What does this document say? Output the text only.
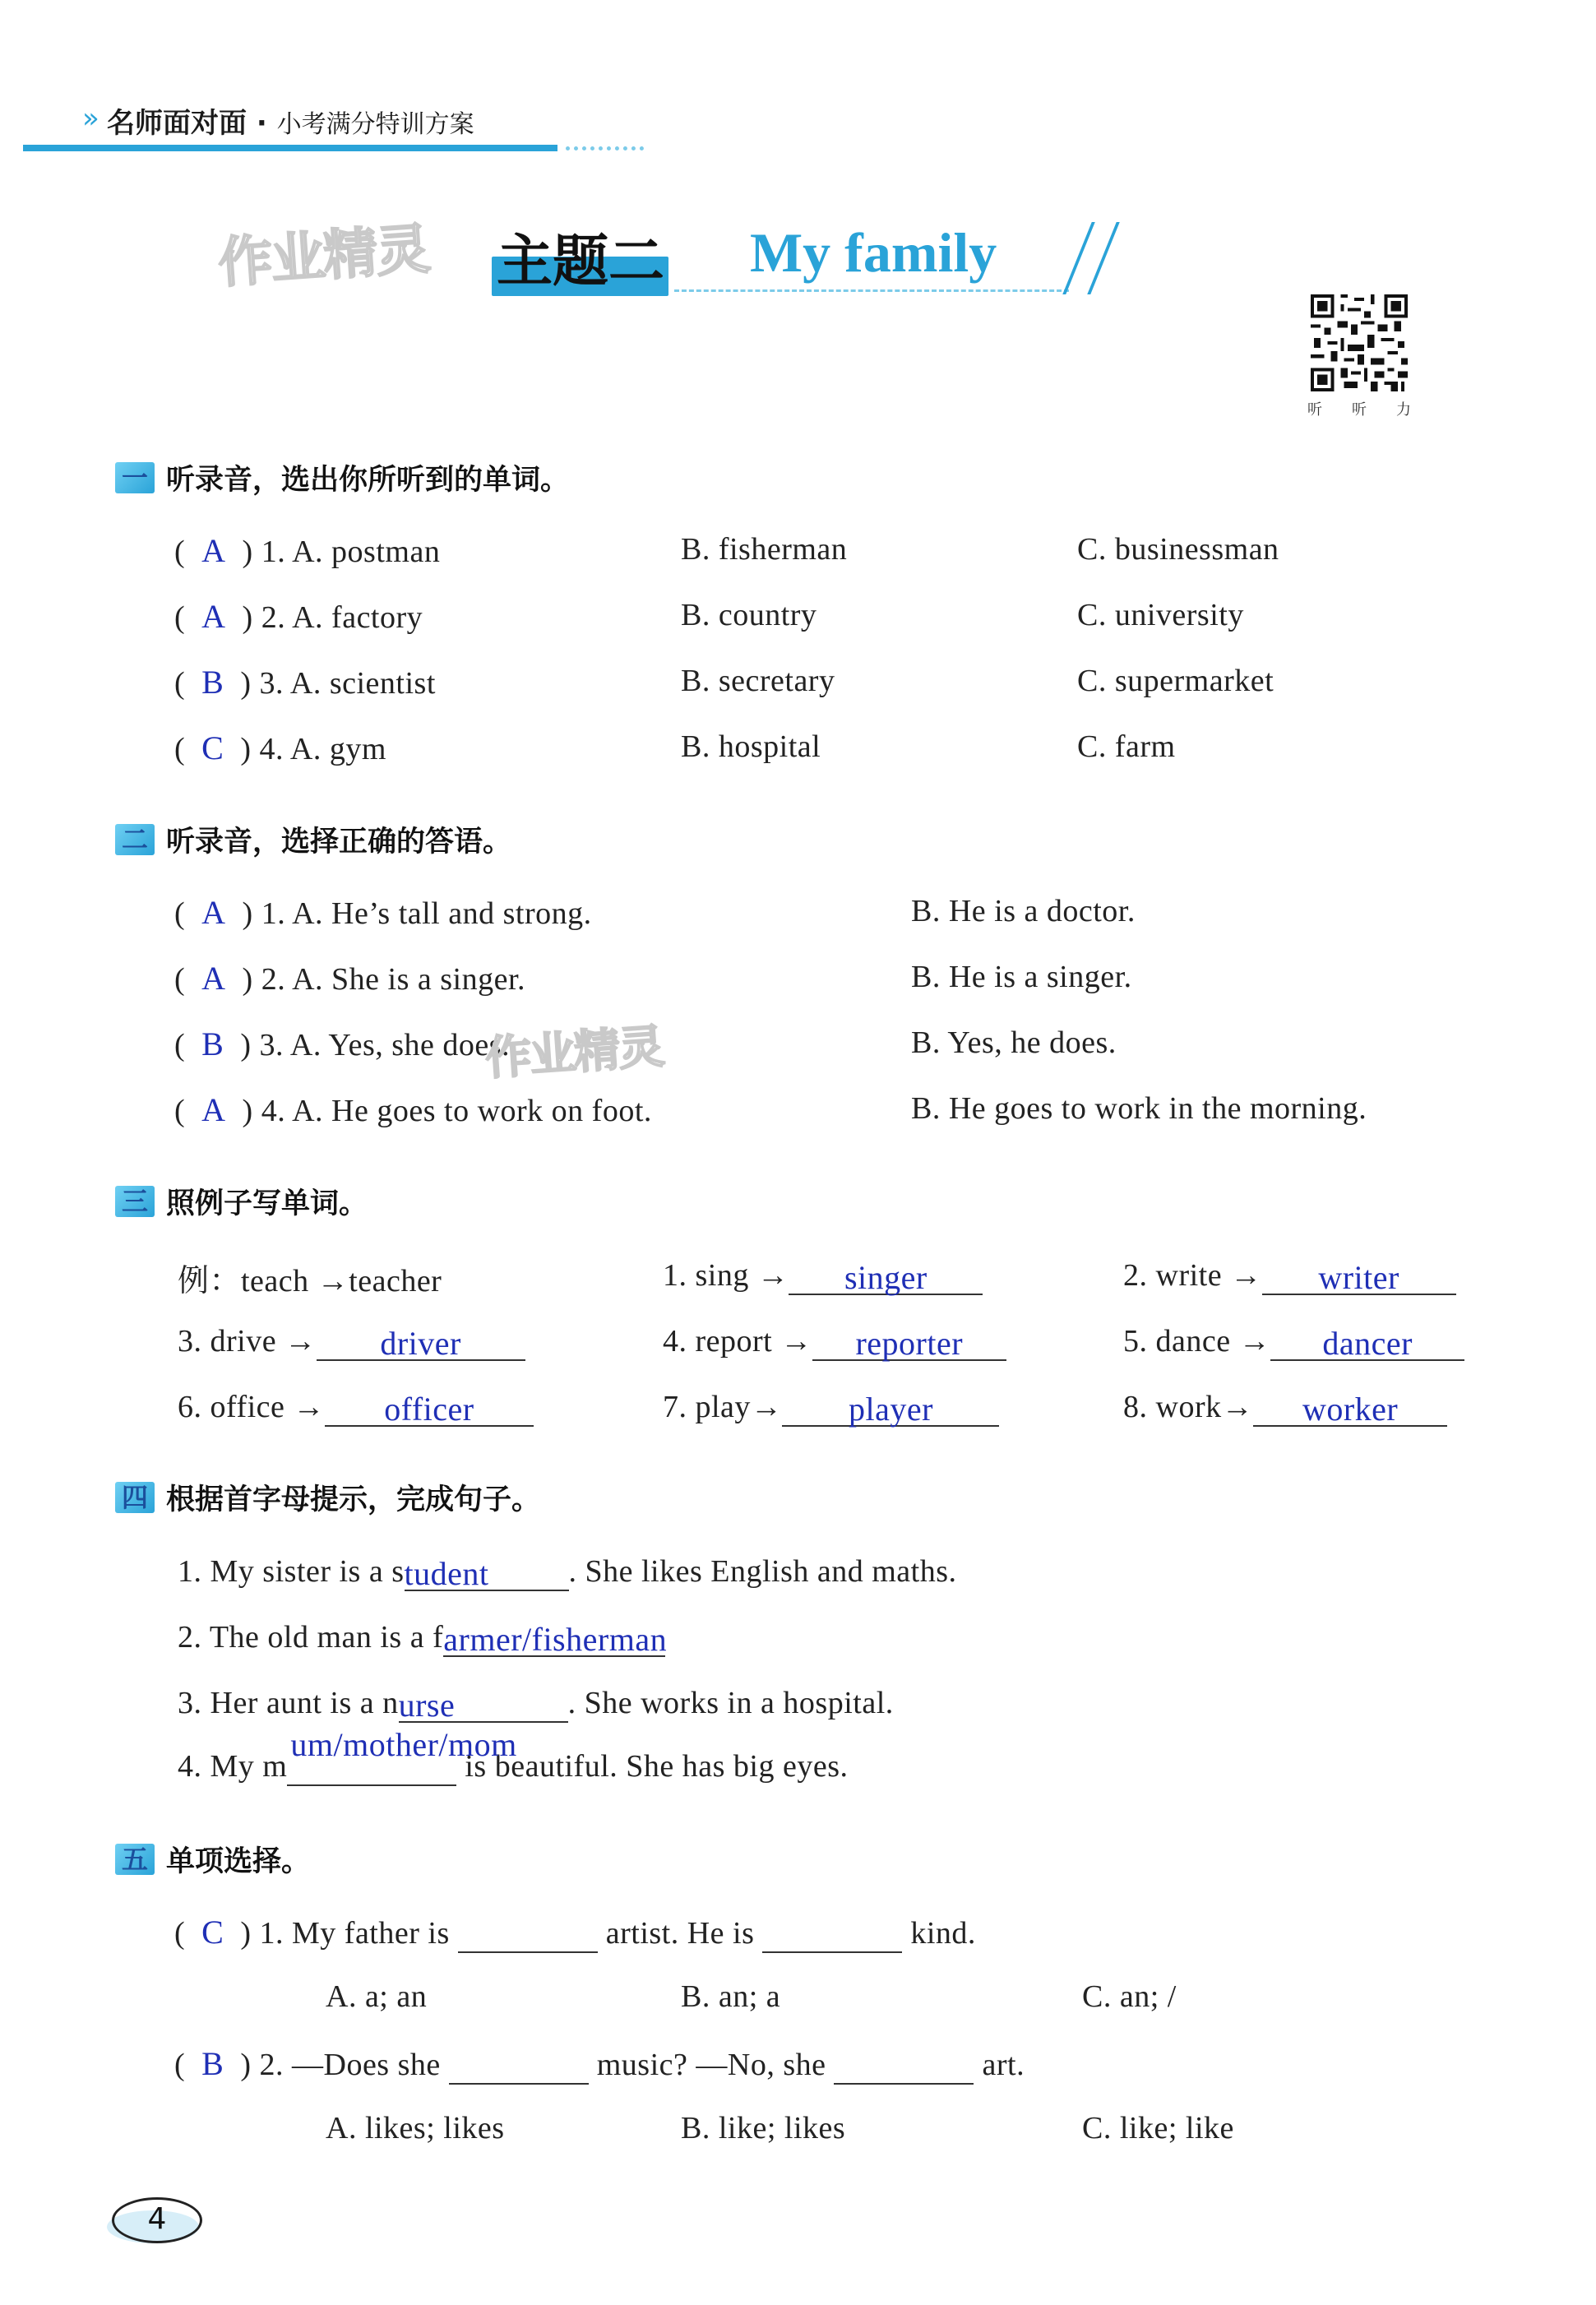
» 名师面对面 · 小考满分特训方案
作业精灵 主题二 My family
听 听 力
一 听录音，选出你所听到的单词。
(  A ) 1. A. postman	B. fisherman	C. businessman
(  A ) 2. A. factory	B. country	C. university
(  B ) 3. A. scientist	B. secretary	C. supermarket
(  C ) 4. A. gym	B. hospital	C. farm
二 听录音，选择正确的答语。
(  A ) 1. A. He’s tall and strong.	B. He is a doctor.
(  A ) 2. A. She is a singer.	B. He is a singer.
(  B ) 3. A. Yes, she does.	B. Yes, he does.
作业精灵
(  A ) 4. A. He goes to work on foot.	B. He goes to work in the morning.
三 照例子写单词。
例：teach →teacher	1. sing → singer	2. write → writer
3. drive → driver	4. report → reporter	5. dance → dancer
6. office → officer	7. play→ player	8. work→ worker
四 根据首字母提示，完成句子。
1. My sister is a student	. She likes English and maths.
2. The old man is a farmer/fisherman
3. Her aunt is a nurse	. She works in a hospital.
4. My m
um/mother/mom
is beautiful. She has big eyes.
五 单项选择。
(  C ) 1. My father is	artist. He is	kind.
A. a; an	B. an; a	C. an; /
(  B ) 2. —Does she	music? —No, she	art.
A. likes; likes	B. like; likes	C. like; like
4
